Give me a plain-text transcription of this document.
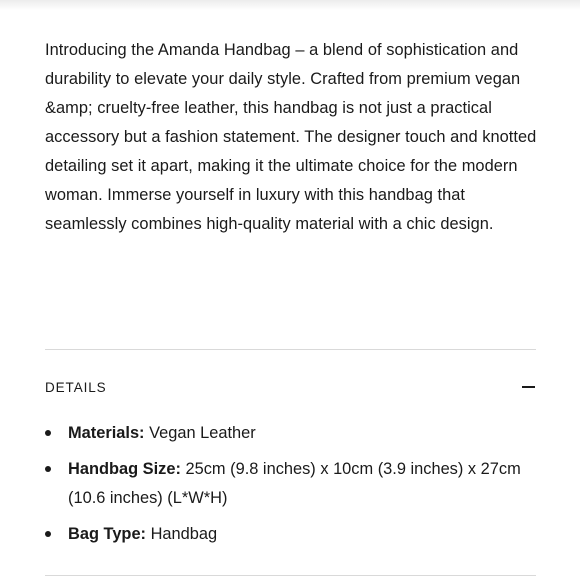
Introducing the Amanda Handbag – a blend of sophistication and durability to elevate your daily style. Crafted from premium vegan &amp; cruelty-free leather, this handbag is not just a practical accessory but a fashion statement. The designer touch and knotted detailing set it apart, making it the ultimate choice for the modern woman. Immerse yourself in luxury with this handbag that seamlessly combines high-quality material with a chic design.

DETAILS
Materials: Vegan Leather
Handbag Size: 25cm (9.8 inches) x 10cm (3.9 inches) x 27cm (10.6 inches) (L*W*H)
Bag Type: Handbag
